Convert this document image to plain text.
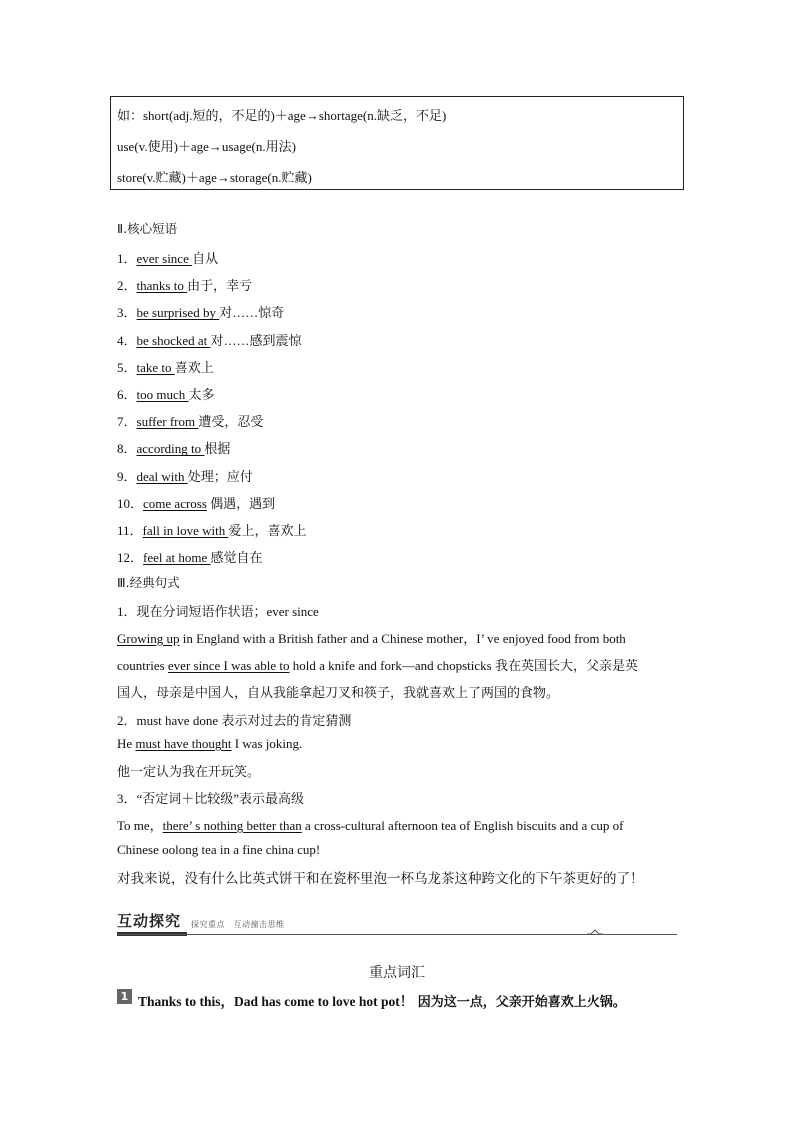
如：short(adj.短的，不足的)＋age→shortage(n.缺乏，不足)
use(v.使用)＋age→usage(n.用法)
store(v.贮藏)＋age→storage(n.贮藏)
Ⅱ.核心短语
1．ever since 自从
2．thanks to 由于，幸亏
3．be surprised by 对……惊奇
4．be shocked at 对……感到震惊
5．take to 喜欢上
6．too much 太多
7．suffer from 遭受，忍受
8．according to 根据
9．deal with 处理；应付
10．come across 偶遇，遇到
11．fall in love with 爱上，喜欢上
12．feel at home 感觉自在
Ⅲ.经典句式
1．现在分词短语作状语；ever since
Growing up in England with a British father and a Chinese mother，I’ ve enjoyed food from both
countries ever since I was able to hold a knife and fork—and chopsticks 我在英国长大，父亲是英
国人，母亲是中国人，自从我能拿起刀叉和筷子，我就喜欢上了两国的食物。
2．must have done 表示对过去的肯定猜测
He must have thought I was joking.
他一定认为我在开玩笑。
3．“否定词＋比较级”表示最高级
To me，there’ s nothing better than a cross-cultural afternoon tea of English biscuits and a cup of
Chinese oolong tea in a fine china cup!
对我来说，没有什么比英式饼干和在瓷杯里泡一杯乌龙茶这种跨文化的下午茶更好的了！
互动探究	探究重点　互动撞击思维
重点词汇
1 Thanks to this，Dad has come to love hot pot！ 因为这一点，父亲开始喜欢上火锅。
